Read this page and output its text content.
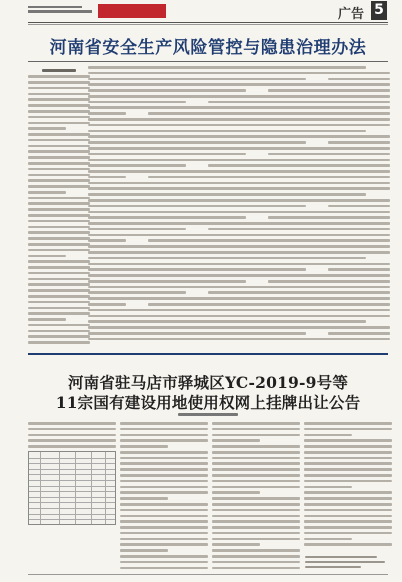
广告 5
河南省安全生产风险管控与隐患治理办法
河南省驻马店市驿城区YC-2019-9号等
11宗国有建设用地使用权网上挂牌出让公告
